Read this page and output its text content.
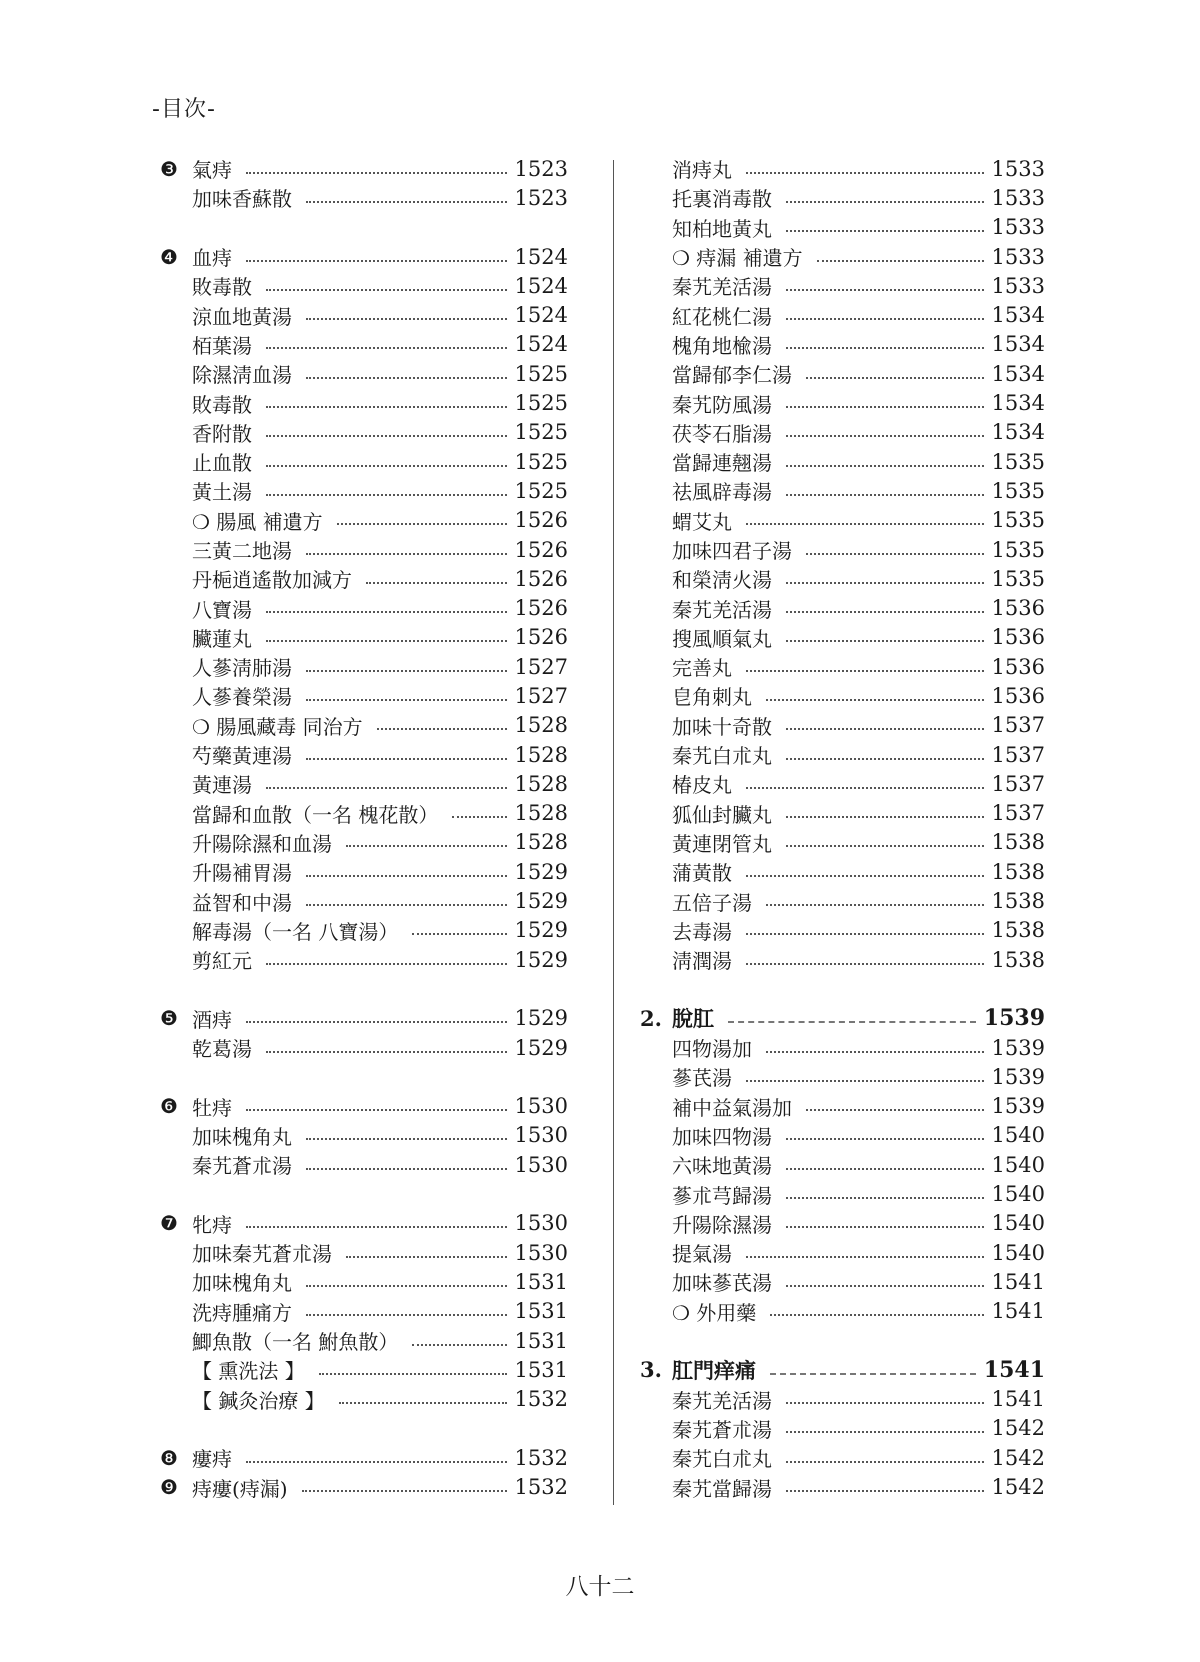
-目次-
❸ 氣痔	1523
加味香蘇散	1523
❹ 血痔	1524
敗毒散	1524
涼血地黃湯	1524
栢葉湯	1524
除濕淸血湯	1525
敗毒散	1525
香附散	1525
止血散	1525
黃土湯	1525
❍ 腸風 補遺方	1526
三黃二地湯	1526
丹梔逍遙散加減方	1526
八寶湯	1526
臟蓮丸	1526
人蔘淸肺湯	1527
人蔘養榮湯	1527
❍ 腸風藏毒 同治方	1528
芍藥黃連湯	1528
黃連湯	1528
當歸和血散（一名 槐花散）	1528
升陽除濕和血湯	1528
升陽補胃湯	1529
益智和中湯	1529
解毒湯（一名 八寶湯）	1529
剪紅元	1529
❺ 酒痔	1529
乾葛湯	1529
❻ 牡痔	1530
加味槐角丸	1530
秦艽蒼朮湯	1530
❼ 牝痔	1530
加味秦艽蒼朮湯	1530
加味槐角丸	1531
洗痔腫痛方	1531
鯽魚散（一名 鮒魚散）	1531
【 熏洗法 】	1531
【 鍼灸治療 】	1532
❽ 瘻痔	1532
❾ 痔瘻(痔漏)	1532
消痔丸	1533
托裏消毒散	1533
知柏地黃丸	1533
❍ 痔漏 補遺方	1533
秦艽羌活湯	1533
紅花桃仁湯	1534
槐角地楡湯	1534
當歸郁李仁湯	1534
秦艽防風湯	1534
茯苓石脂湯	1534
當歸連翹湯	1535
祛風辟毒湯	1535
蝟艾丸	1535
加味四君子湯	1535
和榮淸火湯	1535
秦艽羌活湯	1536
搜風順氣丸	1536
完善丸	1536
皀角刺丸	1536
加味十奇散	1537
秦艽白朮丸	1537
椿皮丸	1537
狐仙封臟丸	1537
黃連閉管丸	1538
蒲黃散	1538
五倍子湯	1538
去毒湯	1538
淸潤湯	1538
2. 脫肛	1539
四物湯加	1539
蔘芪湯	1539
補中益氣湯加	1539
加味四物湯	1540
六味地黃湯	1540
蔘朮芎歸湯	1540
升陽除濕湯	1540
提氣湯	1540
加味蔘芪湯	1541
❍ 外用藥	1541
3. 肛門痒痛	1541
秦艽羌活湯	1541
秦艽蒼朮湯	1542
秦艽白朮丸	1542
秦艽當歸湯	1542
八十二
